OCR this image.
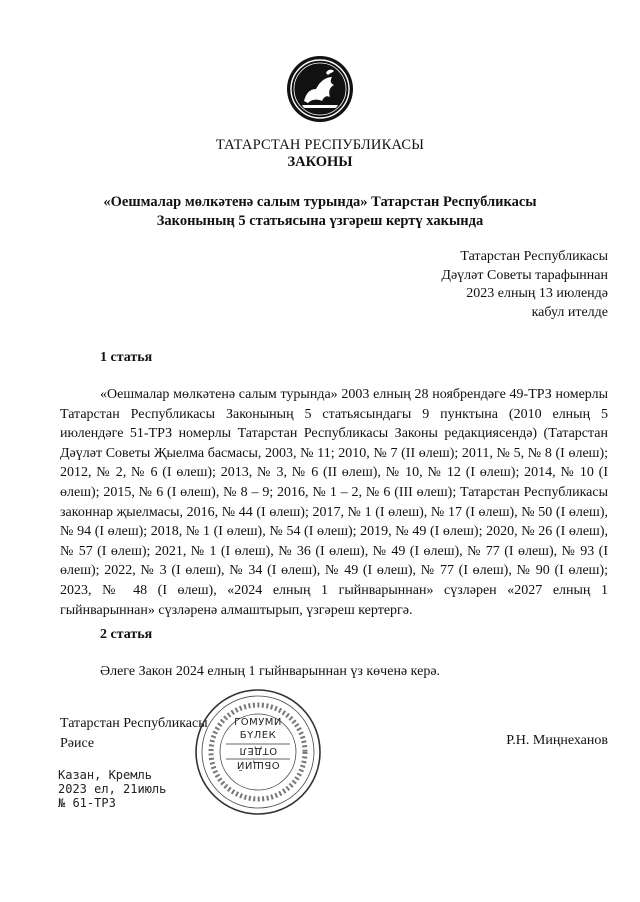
ТАТАРСТАН РЕСПУБЛИКАСЫ
ЗАКОНЫ
«Оешмалар мөлкәтенә салым турында» Татарстан Республикасы
Законының 5 статьясына үзгәреш кертү хакында
Татарстан Республикасы
Дәүләт Советы тарафыннан
2023 елның 13 июлендә
кабул ителде
1 статья

«Оешмалар мөлкәтенә салым турында» 2003 елның 28 ноябрендәге 49-ТРЗ номерлы Татарстан Республикасы Законының 5 статьясындагы 9 пунктына (2010 елның 5 июлендәге 51-ТРЗ номерлы Татарстан Республикасы Законы редакциясендә) (Татарстан Дәүләт Советы Җыелма басмасы, 2003, № 11; 2010, № 7 (II өлеш); 2011, № 5, № 8 (I өлеш); 2012, № 2, № 6 (I өлеш); 2013, № 3, № 6 (II өлеш), № 10, № 12 (I өлеш); 2014, № 10 (I өлеш); 2015, № 6 (I өлеш), № 8 – 9; 2016, № 1 – 2, № 6 (III өлеш); Татарстан Республикасы законнар җыелмасы, 2016, № 44 (I өлеш); 2017, № 1 (I өлеш), № 17 (I өлеш), № 50 (I өлеш), № 94 (I өлеш); 2018, № 1 (I өлеш), № 54 (I өлеш); 2019, № 49 (I өлеш); 2020, № 26 (I өлеш), № 57 (I өлеш); 2021, № 1 (I өлеш), № 36 (I өлеш), № 49 (I өлеш), № 77 (I өлеш), № 93 (I өлеш); 2022, № 3 (I өлеш), № 34 (I өлеш), № 49 (I өлеш), № 77 (I өлеш), № 90 (I өлеш); 2023, № 48 (I өлеш), «2024 елның 1 гыйнварыннан» сүзләрен «2027 елның 1 гыйнварыннан» сүзләренә алмаштырып, үзгәреш кертергә.

2 статья
Әлеге Закон 2024 елның 1 гыйнварыннан үз көченә керә.
Татарстан Республикасы
Рәисе	Р.Н. Миңнеханов
ГОМУМИ
БҮЛЕК
ОТДЕЛ
ОБЩИЙ
Казан, Кремль
2023 ел, 21июль
№ 61-ТРЗ
